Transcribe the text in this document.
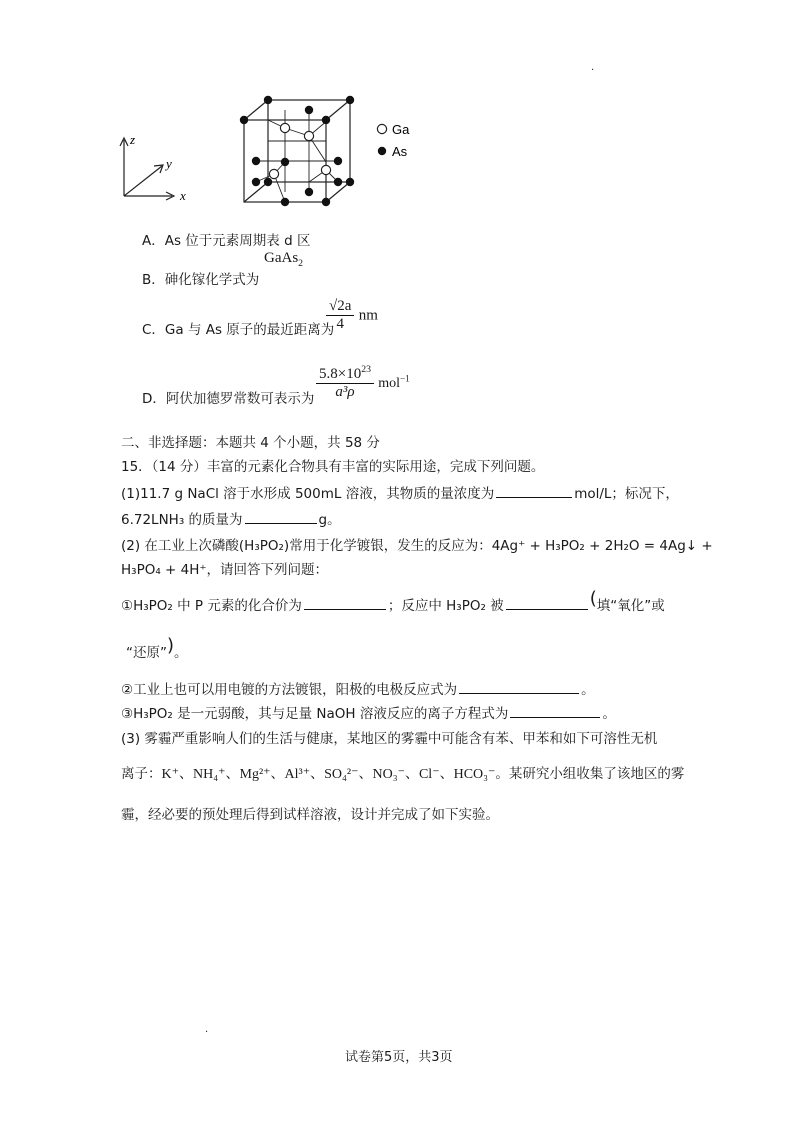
.
z
y
x
Ga
As
A．As 位于元素周期表 d 区
B．砷化镓化学式为
GaAs$_2$
C．Ga 与 As 原子的最近距离为
$\frac{√2a}{4}$ nm
D．阿伏加德罗常数可表示为 $\frac{5.8\times 10^{23}}{\text{a³ρ}} mol^{-1}$
二、非选择题：本题共 4 个小题，共 58 分
15．（14 分）丰富的元素化合物具有丰富的实际用途，完成下列问题。
(1)11.7 g NaCl 溶于水形成 500mL 溶液，其物质的量浓度为	mol/L；标况下，
6.72LNH₃ 的质量为	g。
(2) 在工业上次磷酸(H₃PO₂)常用于化学镀银，发生的反应为：4Ag⁺ + H₃PO₂ + 2H₂O = 4Ag↓ +
H₃PO₄ + 4H⁺，请回答下列问题：
①H₃PO₂ 中 P 元素的化合价为	；反应中 H₃PO₂ 被	(填“氧化”或
“还原”)。
②工业上也可以用电镀的方法镀银，阳极的电极反应式为	。
③H₃PO₂ 是一元弱酸，其与足量 NaOH 溶液反应的离子方程式为	。
(3) 雾霾严重影响人们的生活与健康，某地区的雾霾中可能含有苯、甲苯和如下可溶性无机
离子：K⁺、NH₄⁺、Mg²⁺、Al³⁺、SO₄²⁻、NO₃⁻、Cl⁻、HCO₃⁻。某研究小组收集了该地区的雾
霾，经必要的预处理后得到试样溶液，设计并完成了如下实验。
.
试卷第5页，共3页
